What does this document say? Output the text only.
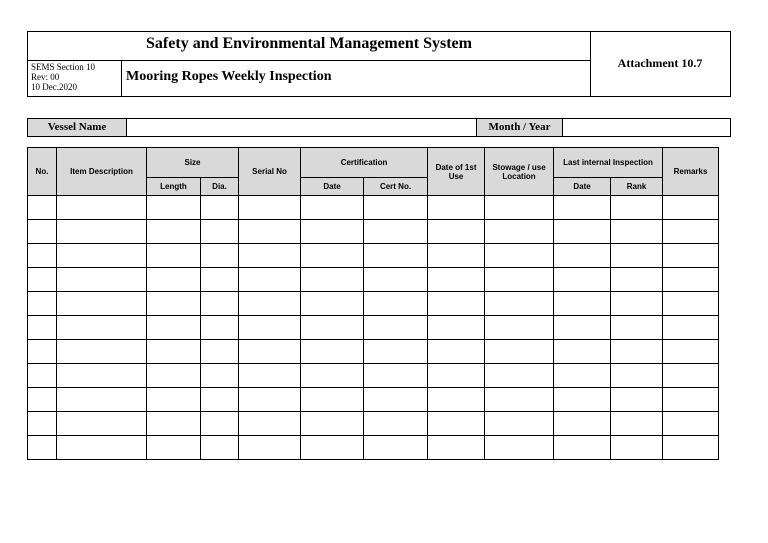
Safety and Environmental Management System
SEMS Section 10
Rev: 00
10 Dec.2020
Mooring Ropes Weekly Inspection
Attachment 10.7
Vessel Name	Month / Year
No.	Item Description	Size		Serial No	Certification		Date of 1st Use	Stowage / use Location	Last internal Inspection		Remarks
		Length	Dia.		Date	Cert No.			Date	Rank	
